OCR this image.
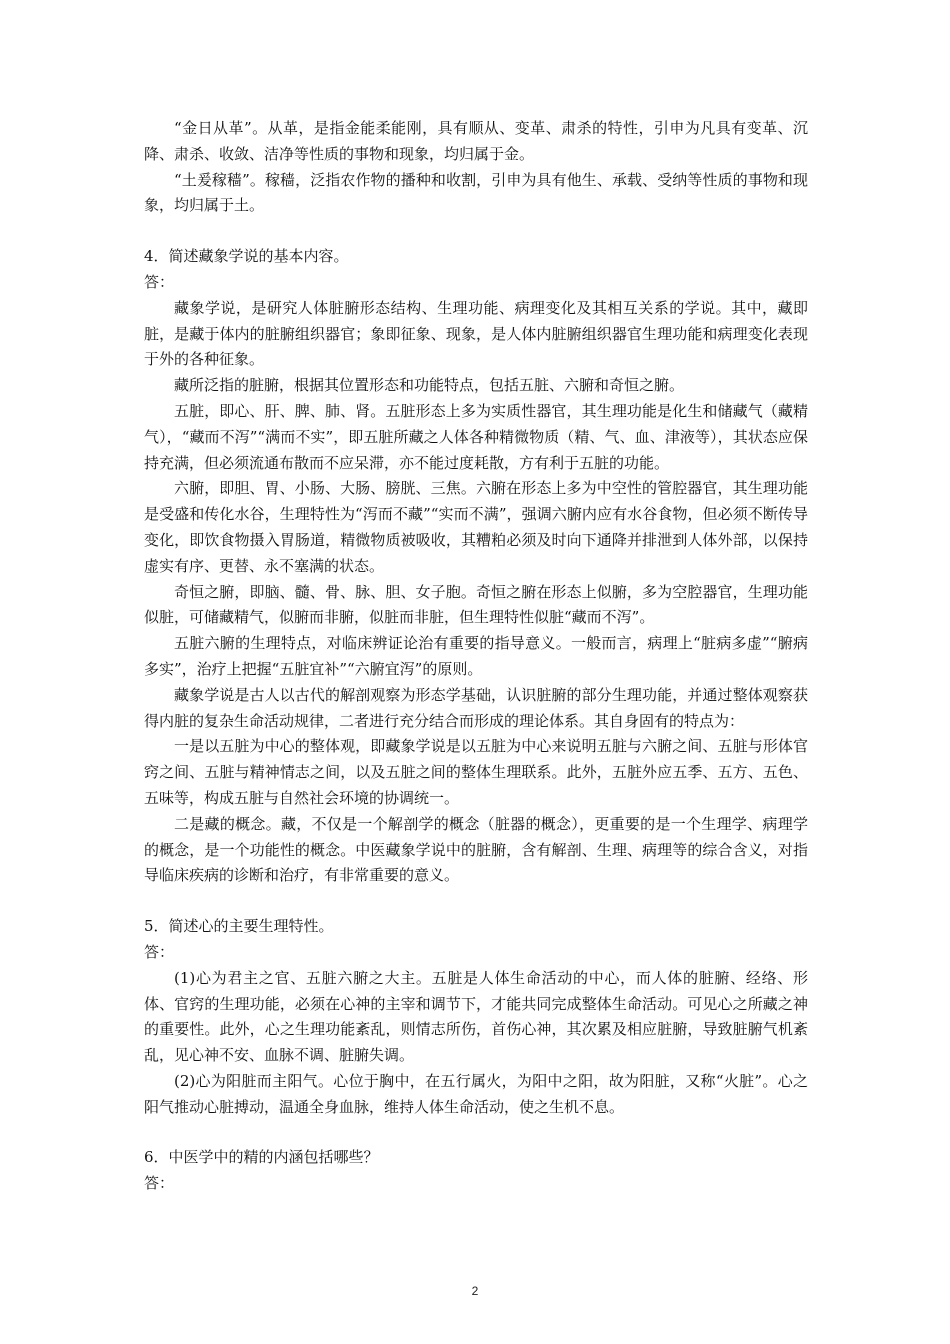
“金日从革”。从革，是指金能柔能刚，具有顺从、变革、肃杀的特性，引申为凡具有变革、沉降、肃杀、收敛、洁净等性质的事物和现象，均归属于金。

“土爰稼穑”。稼穑，泛指农作物的播种和收割，引申为具有他生、承载、受纳等性质的事物和现象，均归属于土。

4．简述藏象学说的基本内容。

答：

藏象学说，是研究人体脏腑形态结构、生理功能、病理变化及其相互关系的学说。其中，藏即脏，是藏于体内的脏腑组织器官；象即征象、现象，是人体内脏腑组织器官生理功能和病理变化表现于外的各种征象。

藏所泛指的脏腑，根据其位置形态和功能特点，包括五脏、六腑和奇恒之腑。

五脏，即心、肝、脾、肺、肾。五脏形态上多为实质性器官，其生理功能是化生和储藏气（藏精气），“藏而不泻”“满而不实”，即五脏所藏之人体各种精微物质（精、气、血、津液等），其状态应保持充满，但必须流通布散而不应呆滞，亦不能过度耗散，方有利于五脏的功能。

六腑，即胆、胃、小肠、大肠、膀胱、三焦。六腑在形态上多为中空性的管腔器官，其生理功能是受盛和传化水谷，生理特性为“泻而不藏”“实而不满”，强调六腑内应有水谷食物，但必须不断传导变化，即饮食物摄入胃肠道，精微物质被吸收，其糟粕必须及时向下通降并排泄到人体外部，以保持虚实有序、更替、永不塞满的状态。

奇恒之腑，即脑、髓、骨、脉、胆、女子胞。奇恒之腑在形态上似腑，多为空腔器官，生理功能似脏，可储藏精气，似腑而非腑，似脏而非脏，但生理特性似脏“藏而不泻”。

五脏六腑的生理特点，对临床辨证论治有重要的指导意义。一般而言，病理上“脏病多虚”“腑病多实”，治疗上把握“五脏宜补”“六腑宜泻”的原则。

藏象学说是古人以古代的解剖观察为形态学基础，认识脏腑的部分生理功能，并通过整体观察获得内脏的复杂生命活动规律，二者进行充分结合而形成的理论体系。其自身固有的特点为：

一是以五脏为中心的整体观，即藏象学说是以五脏为中心来说明五脏与六腑之间、五脏与形体官窍之间、五脏与精神情志之间，以及五脏之间的整体生理联系。此外，五脏外应五季、五方、五色、五味等，构成五脏与自然社会环境的协调统一。

二是藏的概念。藏，不仅是一个解剖学的概念（脏器的概念），更重要的是一个生理学、病理学的概念，是一个功能性的概念。中医藏象学说中的脏腑，含有解剖、生理、病理等的综合含义，对指导临床疾病的诊断和治疗，有非常重要的意义。

5．简述心的主要生理特性。

答：

(1)心为君主之官、五脏六腑之大主。五脏是人体生命活动的中心，而人体的脏腑、经络、形体、官窍的生理功能，必须在心神的主宰和调节下，才能共同完成整体生命活动。可见心之所藏之神的重要性。此外，心之生理功能紊乱，则情志所伤，首伤心神，其次累及相应脏腑，导致脏腑气机紊乱，见心神不安、血脉不调、脏腑失调。

(2)心为阳脏而主阳气。心位于胸中，在五行属火，为阳中之阳，故为阳脏，又称“火脏”。心之阳气推动心脏搏动，温通全身血脉，维持人体生命活动，使之生机不息。

6．中医学中的精的内涵包括哪些？

答：

2
